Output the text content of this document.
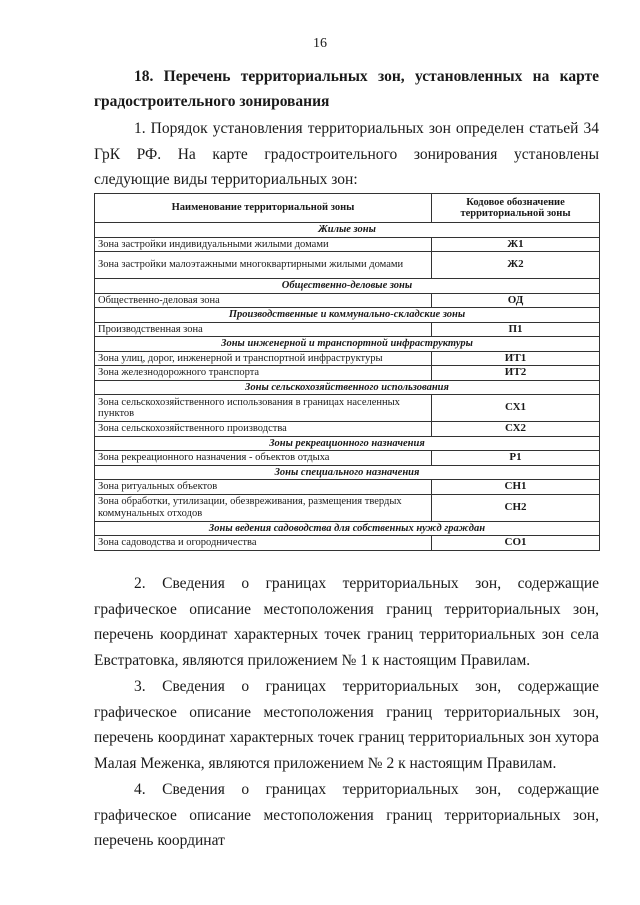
16

18. Перечень территориальных зон, установленных на карте градостроительного зонирования

1. Порядок установления территориальных зон определен статьей 34 ГрК РФ. На карте градостроительного зонирования установлены следующие виды территориальных зон:

Наименование территориальной зоны	Кодовое обозначение территориальной зоны
Жилые зоны	
Зона застройки индивидуальными жилыми домами	Ж1
Зона застройки малоэтажными многоквартирными жилыми домами	Ж2
Общественно-деловые зоны	
Общественно-деловая зона	ОД
Производственные и коммунально-складские зоны	
Производственная зона	П1
Зоны инженерной и транспортной инфраструктуры	
Зона улиц, дорог, инженерной и транспортной инфраструктуры	ИТ1
Зона железнодорожного транспорта	ИТ2
Зоны сельскохозяйственного использования	
Зона сельскохозяйственного использования в границах населенных пунктов	СХ1
Зона сельскохозяйственного производства	СХ2
Зоны рекреационного назначения	
Зона рекреационного назначения - объектов отдыха	Р1
Зоны специального назначения	
Зона ритуальных объектов	СН1
Зона обработки, утилизации, обезвреживания, размещения твердых коммунальных отходов	СН2
Зоны ведения садоводства для собственных нужд граждан	
Зона садоводства и огородничества	СО1

2. Сведения о границах территориальных зон, содержащие графическое описание местоположения границ территориальных зон, перечень координат характерных точек границ территориальных зон села Евстратовка, являются приложением № 1 к настоящим Правилам.

3. Сведения о границах территориальных зон, содержащие графическое описание местоположения границ территориальных зон, перечень координат характерных точек границ территориальных зон хутора Малая Меженка, являются приложением № 2 к настоящим Правилам.

4. Сведения о границах территориальных зон, содержащие графическое описание местоположения границ территориальных зон, перечень координат
